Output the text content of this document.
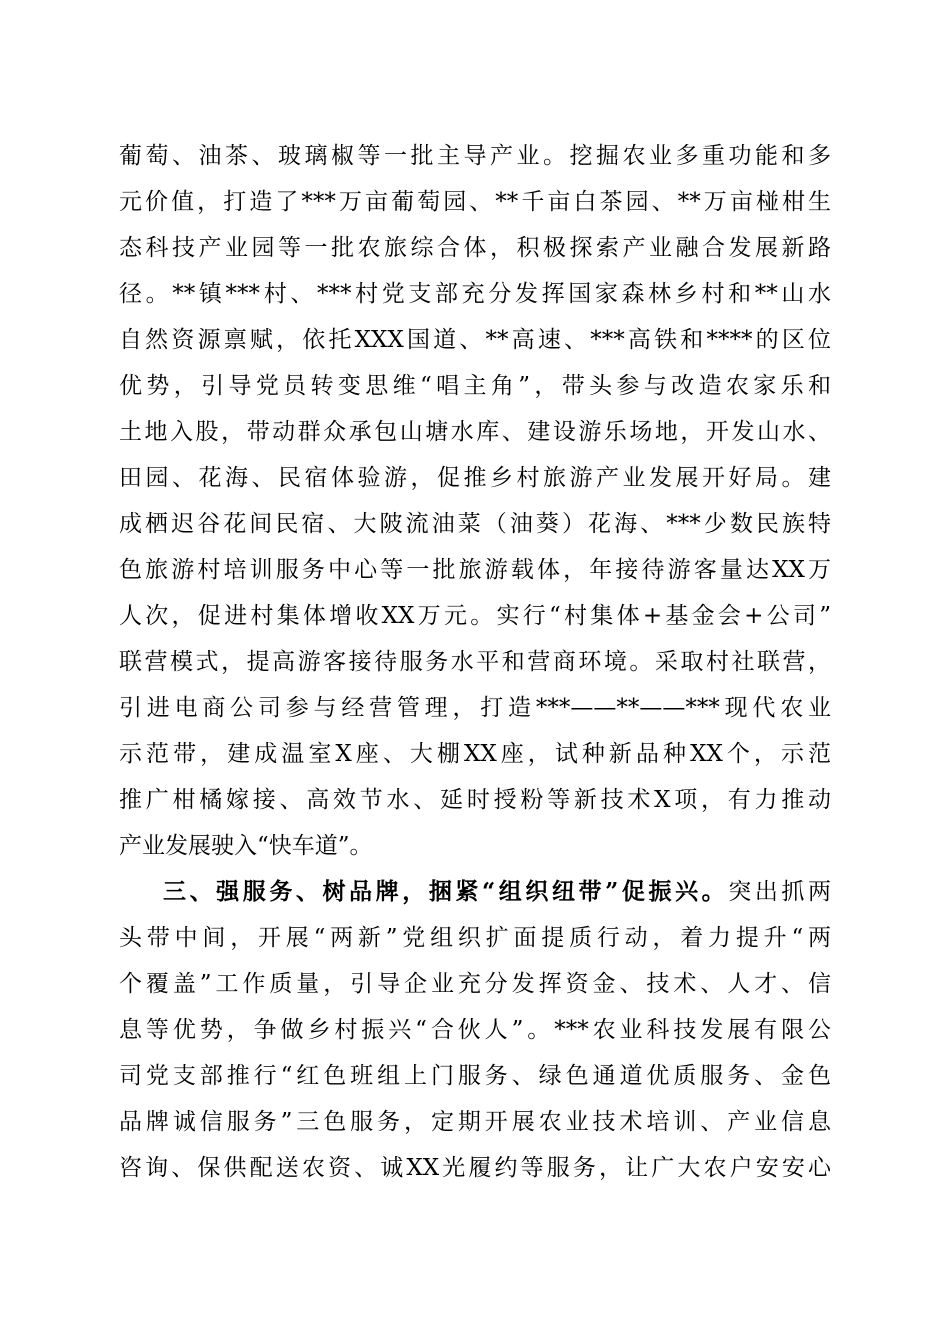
葡萄、油茶、玻璃椒等一批主导产业。挖掘农业多重功能和多
元价值，打造了***万亩葡萄园、**千亩白茶园、**万亩椪柑生
态科技产业园等一批农旅综合体，积极探索产业融合发展新路
径。**镇***村、***村党支部充分发挥国家森林乡村和**山水
自然资源禀赋，依托XXX国道、**高速、***高铁和****的区位
优势，引导党员转变思维“唱主角”，带头参与改造农家乐和
土地入股，带动群众承包山塘水库、建设游乐场地，开发山水、
田园、花海、民宿体验游，促推乡村旅游产业发展开好局。建
成栖迟谷花间民宿、大陂流油菜（油葵）花海、***少数民族特
色旅游村培训服务中心等一批旅游载体，年接待游客量达XX万
人次，促进村集体增收XX万元。实行“村集体+基金会+公司”
联营模式，提高游客接待服务水平和营商环境。采取村社联营，
引进电商公司参与经营管理，打造***——**——***现代农业
示范带，建成温室X座、大棚XX座，试种新品种XX个，示范
推广柑橘嫁接、高效节水、延时授粉等新技术X项，有力推动
产业发展驶入“快车道”。
三、强服务、树品牌，捆紧“组织纽带”促振兴。突出抓两
头带中间，开展“两新”党组织扩面提质行动，着力提升“两
个覆盖”工作质量，引导企业充分发挥资金、技术、人才、信
息等优势，争做乡村振兴“合伙人”。***农业科技发展有限公
司党支部推行“红色班组上门服务、绿色通道优质服务、金色
品牌诚信服务”三色服务，定期开展农业技术培训、产业信息
咨询、保供配送农资、诚XX光履约等服务，让广大农户安安心
